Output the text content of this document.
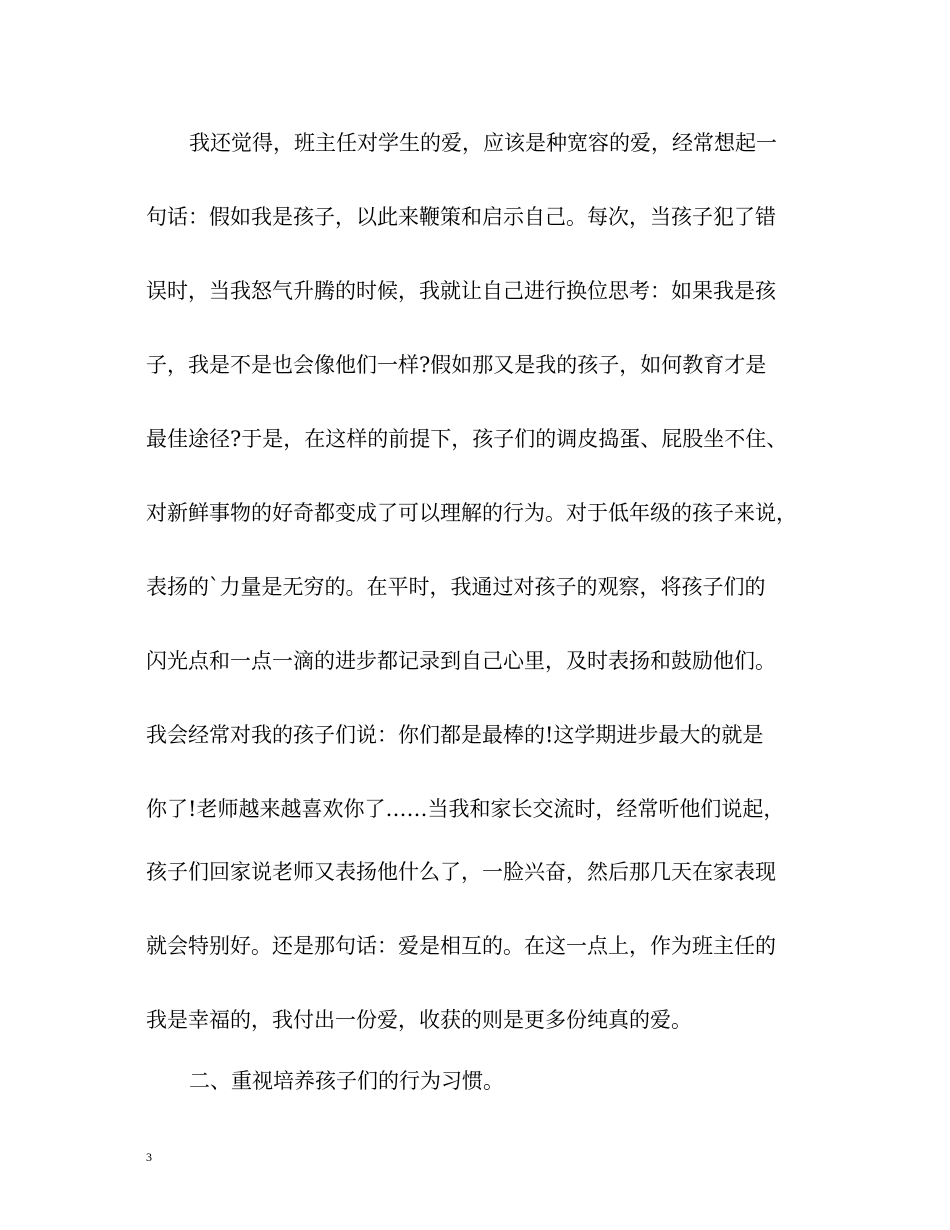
我还觉得，班主任对学生的爱，应该是种宽容的爱，经常想起一
句话：假如我是孩子，以此来鞭策和启示自己。每次，当孩子犯了错
误时，当我怒气升腾的时候，我就让自己进行换位思考：如果我是孩
子，我是不是也会像他们一样?假如那又是我的孩子，如何教育才是
最佳途径?于是，在这样的前提下，孩子们的调皮捣蛋、屁股坐不住、
对新鲜事物的好奇都变成了可以理解的行为。对于低年级的孩子来说，
表扬的`力量是无穷的。在平时，我通过对孩子的观察，将孩子们的
闪光点和一点一滴的进步都记录到自己心里，及时表扬和鼓励他们。
我会经常对我的孩子们说：你们都是最棒的!这学期进步最大的就是
你了!老师越来越喜欢你了……当我和家长交流时，经常听他们说起，
孩子们回家说老师又表扬他什么了，一脸兴奋，然后那几天在家表现
就会特别好。还是那句话：爱是相互的。在这一点上，作为班主任的
我是幸福的，我付出一份爱，收获的则是更多份纯真的爱。
二、重视培养孩子们的行为习惯。
3
